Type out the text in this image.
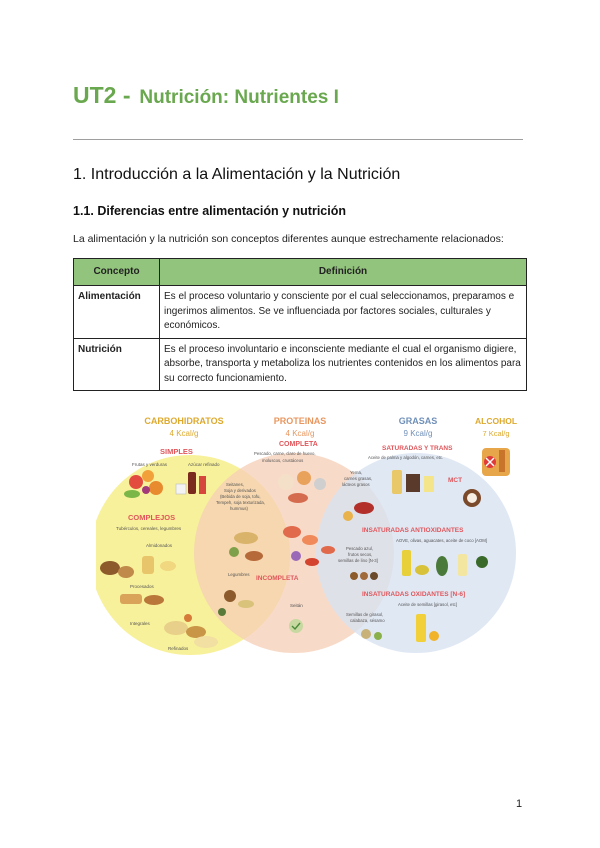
UT2 - Nutrición: Nutrientes I
1. Introducción a la Alimentación y la Nutrición
1.1. Diferencias entre alimentación y nutrición

La alimentación y la nutrición son conceptos diferentes aunque estrechamente relacionados:

Concepto	Definición
Alimentación	Es el proceso voluntario y consciente por el cual seleccionamos, preparamos e ingerimos alimentos. Se ve influenciada por factores sociales, culturales y económicos.
Nutrición	Es el proceso involuntario e inconsciente mediante el cual el organismo digiere, absorbe, transporta y metaboliza los nutrientes contenidos en los alimentos para su correcto funcionamiento.
CARBOHIDRATOS
4 Kcal/g
PROTEINAS
4 Kcal/g
GRASAS
9 Kcal/g
ALCOHOL
7 Kcal/g
SIMPLES
Frutas y verduras	Azúcar refinado
COMPLEJOS
Tubérculos, cereales, legumbres
Almidonados
Procesados
Integrales
Refinados
COMPLETA
Pescado, carne, claro de huevo,
moluscos, crustáceos
Seitanes,
Soja y derivados
(Bebida de soja, tofu,
Tempeh, soja texturizada,
hummus)
INCOMPLETA
Legumbres
Seitán
SATURADAS Y TRANS
Aceite de palma y algodón, carnes, etc.
Yema,
carnes grasas,
lácteos grasos
MCT
INSATURADAS ANTIOXIDANTES
AOVE, olivas, aguacates, aceite de coco [AOM]
Pescado azul,
frutos secos,
semillas de lino [N-3]
INSATURADAS OXIDANTES [N-6]
Aceite de semillas [girasol, etc]
Semillas de girasol,
calabaza, sésamo
1
